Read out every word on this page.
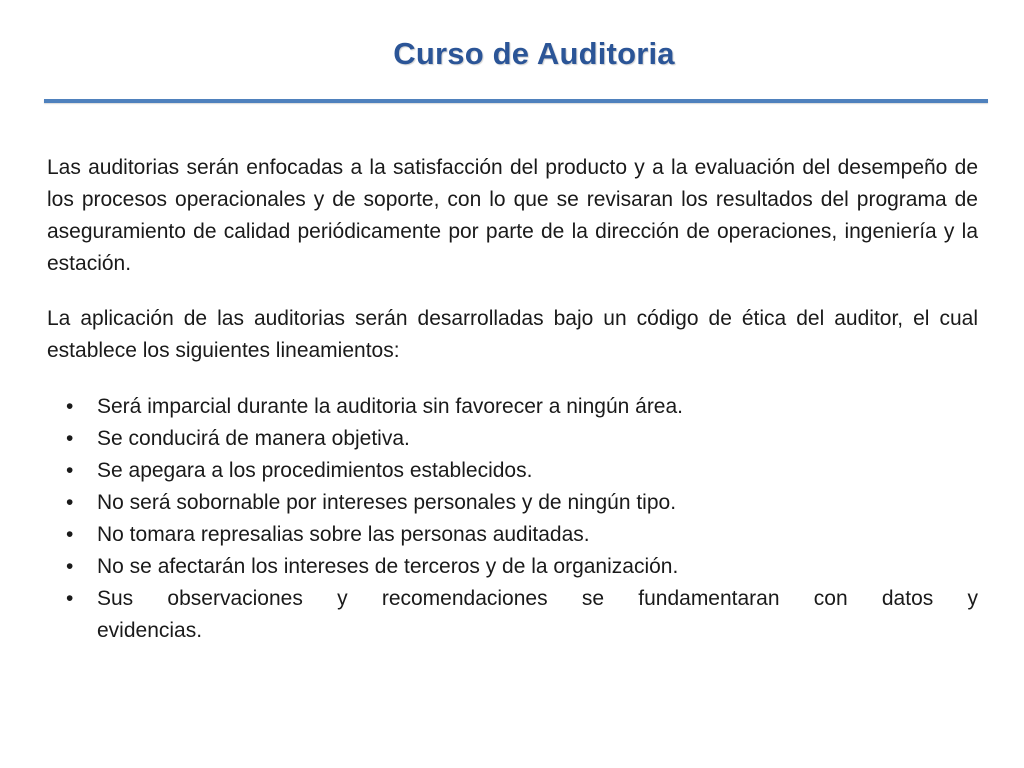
Curso de Auditoria

Las auditorias serán enfocadas a la satisfacción del producto y a la evaluación del desempeño de los procesos operacionales y de soporte, con lo que se revisaran los resultados del programa de aseguramiento de calidad periódicamente por parte de la dirección de operaciones, ingeniería y la estación.

La aplicación de las auditorias serán desarrolladas bajo un código de ética del auditor, el cual establece los siguientes lineamientos:

• Será imparcial durante la auditoria sin favorecer a ningún área.
• Se conducirá de manera objetiva.
• Se apegara a los procedimientos establecidos.
• No será sobornable por intereses personales y de ningún tipo.
• No tomara represalias sobre las personas auditadas.
• No se afectarán los intereses de terceros y de la organización.
• Sus observaciones y recomendaciones se fundamentaran con datos y
evidencias.
